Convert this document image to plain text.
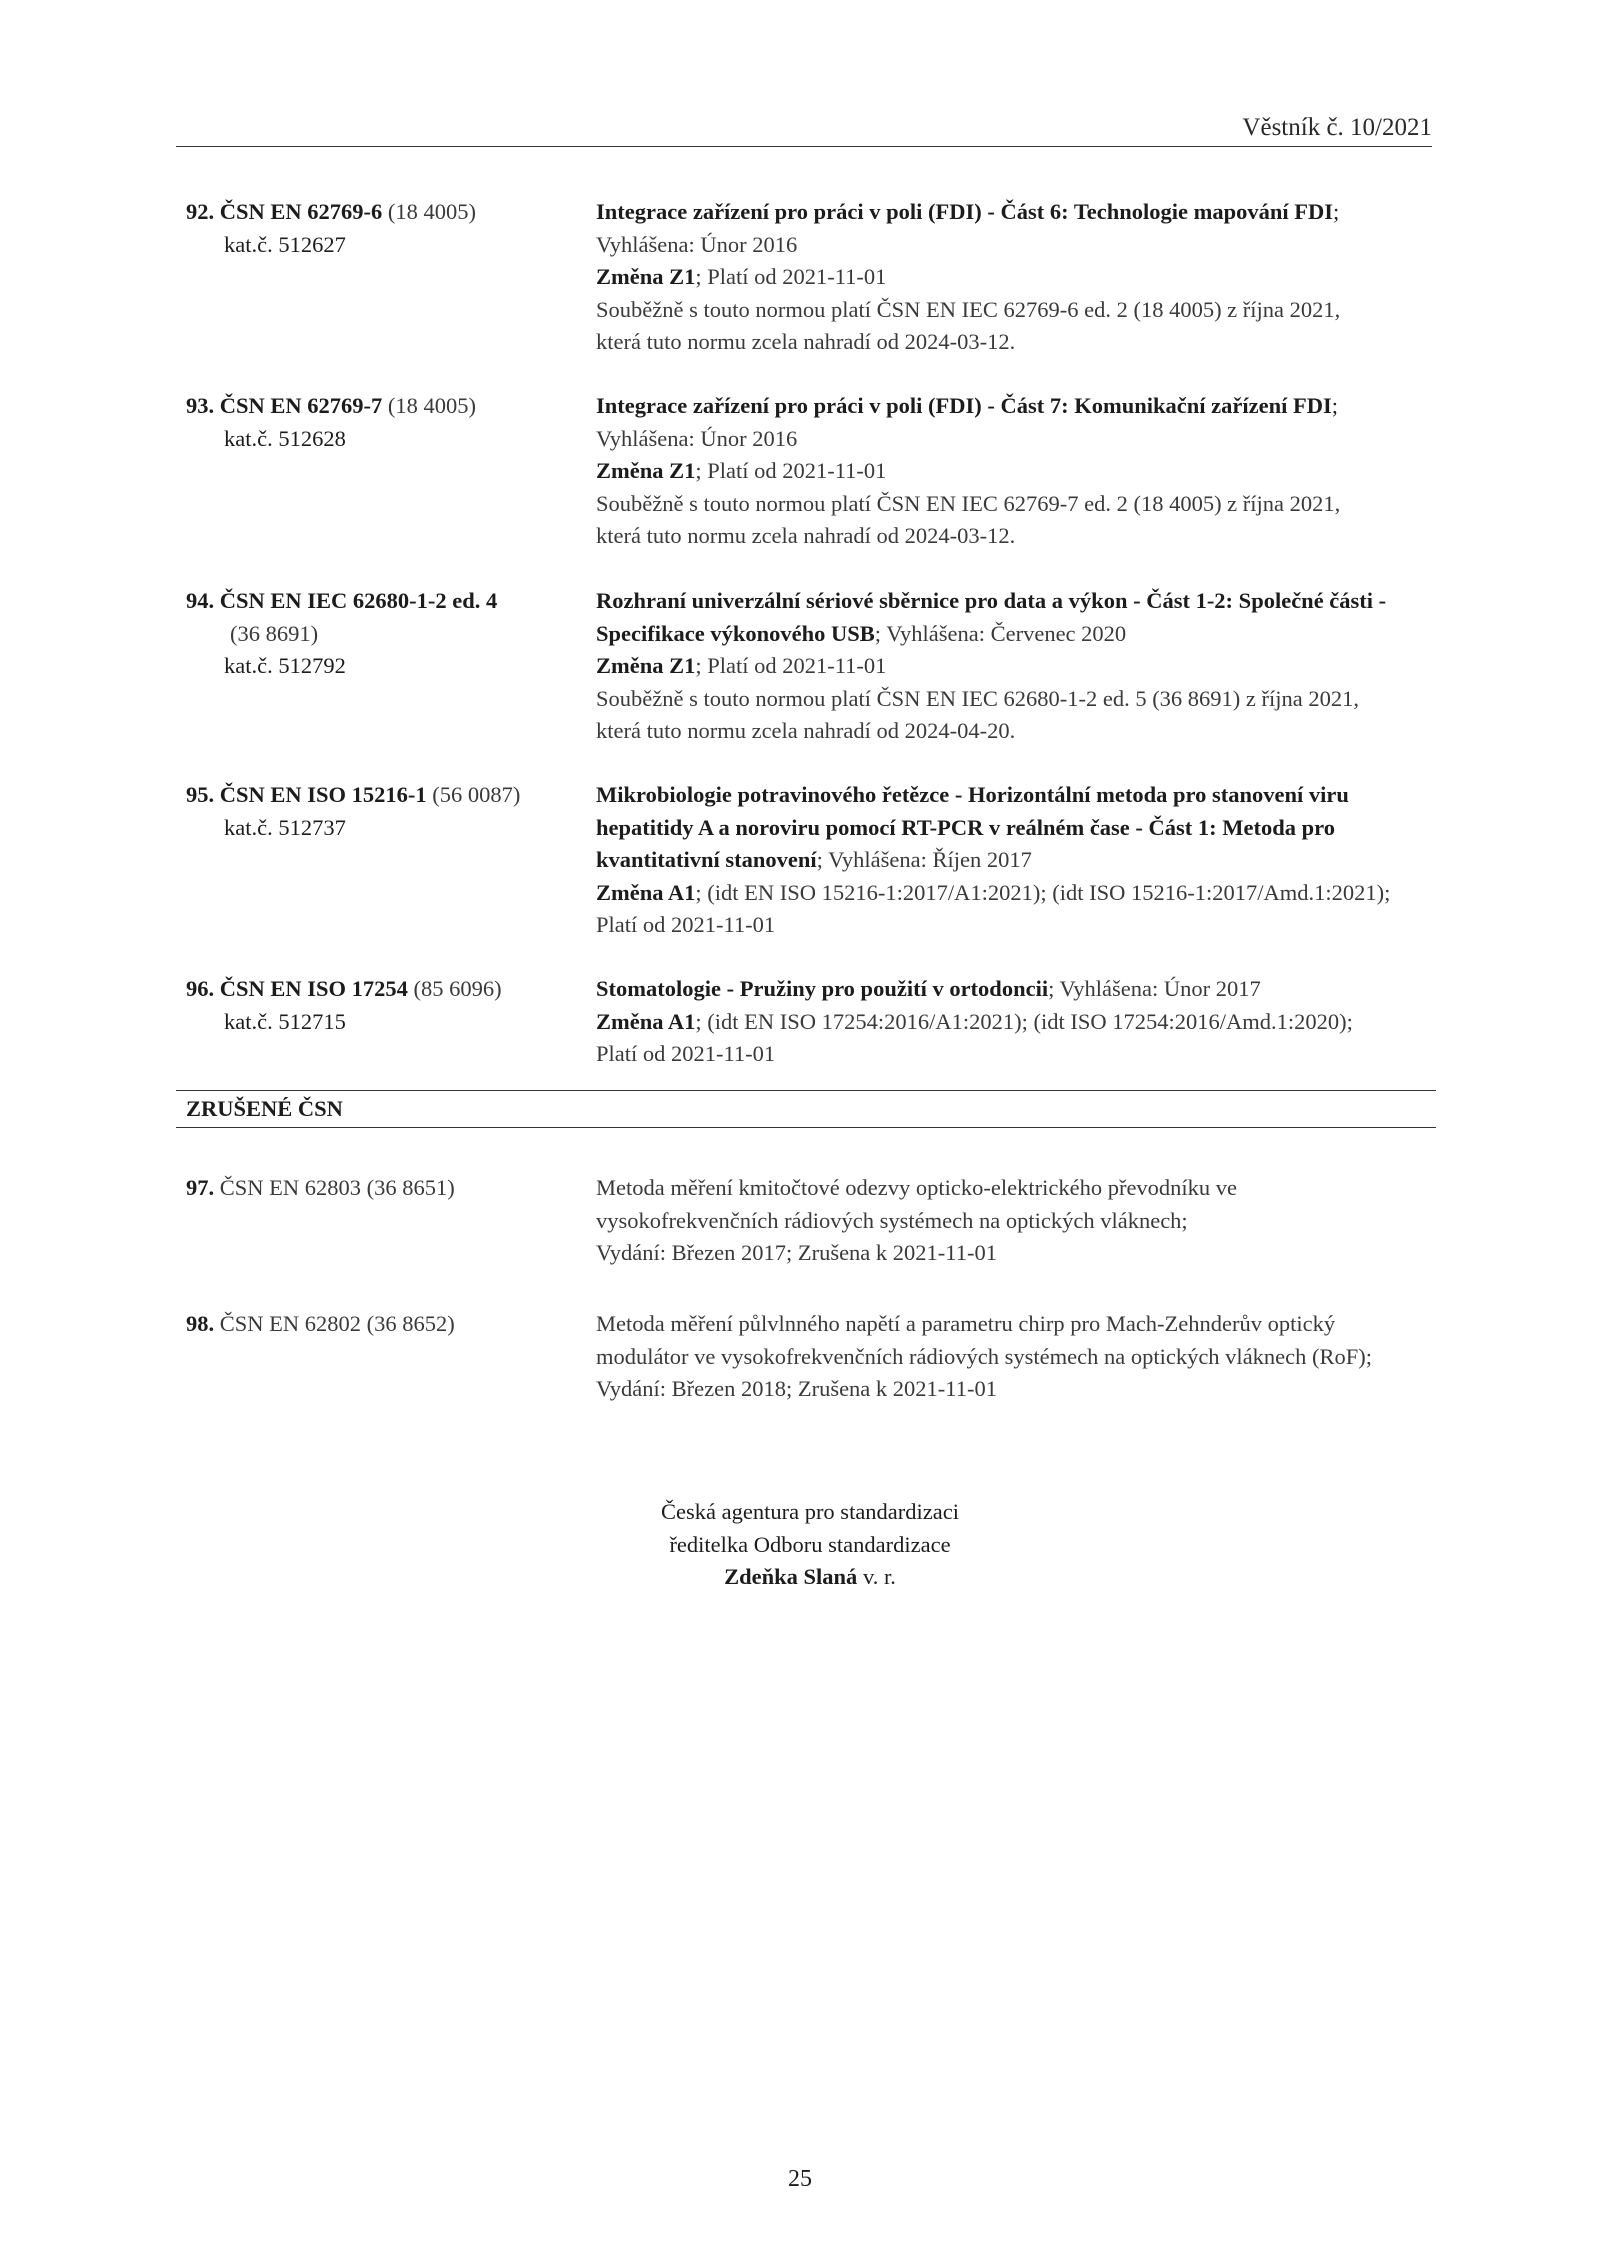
Věstník č. 10/2021
92. ČSN EN 62769-6 (18 4005)
kat.č. 512627
Integrace zařízení pro práci v poli (FDI) - Část 6: Technologie mapování FDI;
Vyhlášena: Únor 2016
Změna Z1; Platí od 2021-11-01
Souběžně s touto normou platí ČSN EN IEC 62769-6 ed. 2 (18 4005) z října 2021,
která tuto normu zcela nahradí od 2024-03-12.
93. ČSN EN 62769-7 (18 4005)
kat.č. 512628
Integrace zařízení pro práci v poli (FDI) - Část 7: Komunikační zařízení FDI;
Vyhlášena: Únor 2016
Změna Z1; Platí od 2021-11-01
Souběžně s touto normou platí ČSN EN IEC 62769-7 ed. 2 (18 4005) z října 2021,
která tuto normu zcela nahradí od 2024-03-12.
94. ČSN EN IEC 62680-1-2 ed. 4
(36 8691)
kat.č. 512792
Rozhraní univerzální sériové sběrnice pro data a výkon - Část 1-2: Společné části -
Specifikace výkonového USB; Vyhlášena: Červenec 2020
Změna Z1; Platí od 2021-11-01
Souběžně s touto normou platí ČSN EN IEC 62680-1-2 ed. 5 (36 8691) z října 2021,
která tuto normu zcela nahradí od 2024-04-20.
95. ČSN EN ISO 15216-1 (56 0087)
kat.č. 512737
Mikrobiologie potravinového řetězce - Horizontální metoda pro stanovení viru
hepatitidy A a noroviru pomocí RT-PCR v reálném čase - Část 1: Metoda pro
kvantitativní stanovení; Vyhlášena: Říjen 2017
Změna A1; (idt EN ISO 15216-1:2017/A1:2021); (idt ISO 15216-1:2017/Amd.1:2021);
Platí od 2021-11-01
96. ČSN EN ISO 17254 (85 6096)
kat.č. 512715
Stomatologie - Pružiny pro použití v ortodoncii; Vyhlášena: Únor 2017
Změna A1; (idt EN ISO 17254:2016/A1:2021); (idt ISO 17254:2016/Amd.1:2020);
Platí od 2021-11-01
ZRUŠENÉ ČSN
97. ČSN EN 62803 (36 8651)	Metoda měření kmitočtové odezvy opticko-elektrického převodníku ve
vysokofrekvenčních rádiových systémech na optických vláknech;
Vydání: Březen 2017; Zrušena k 2021-11-01
98. ČSN EN 62802 (36 8652)	Metoda měření půlvlnného napětí a parametru chirp pro Mach-Zehnderův optický
modulátor ve vysokofrekvenčních rádiových systémech na optických vláknech (RoF);
Vydání: Březen 2018; Zrušena k 2021-11-01
Česká agentura pro standardizaci
ředitelka Odboru standardizace
Zdeňka Slaná v. r.
25
